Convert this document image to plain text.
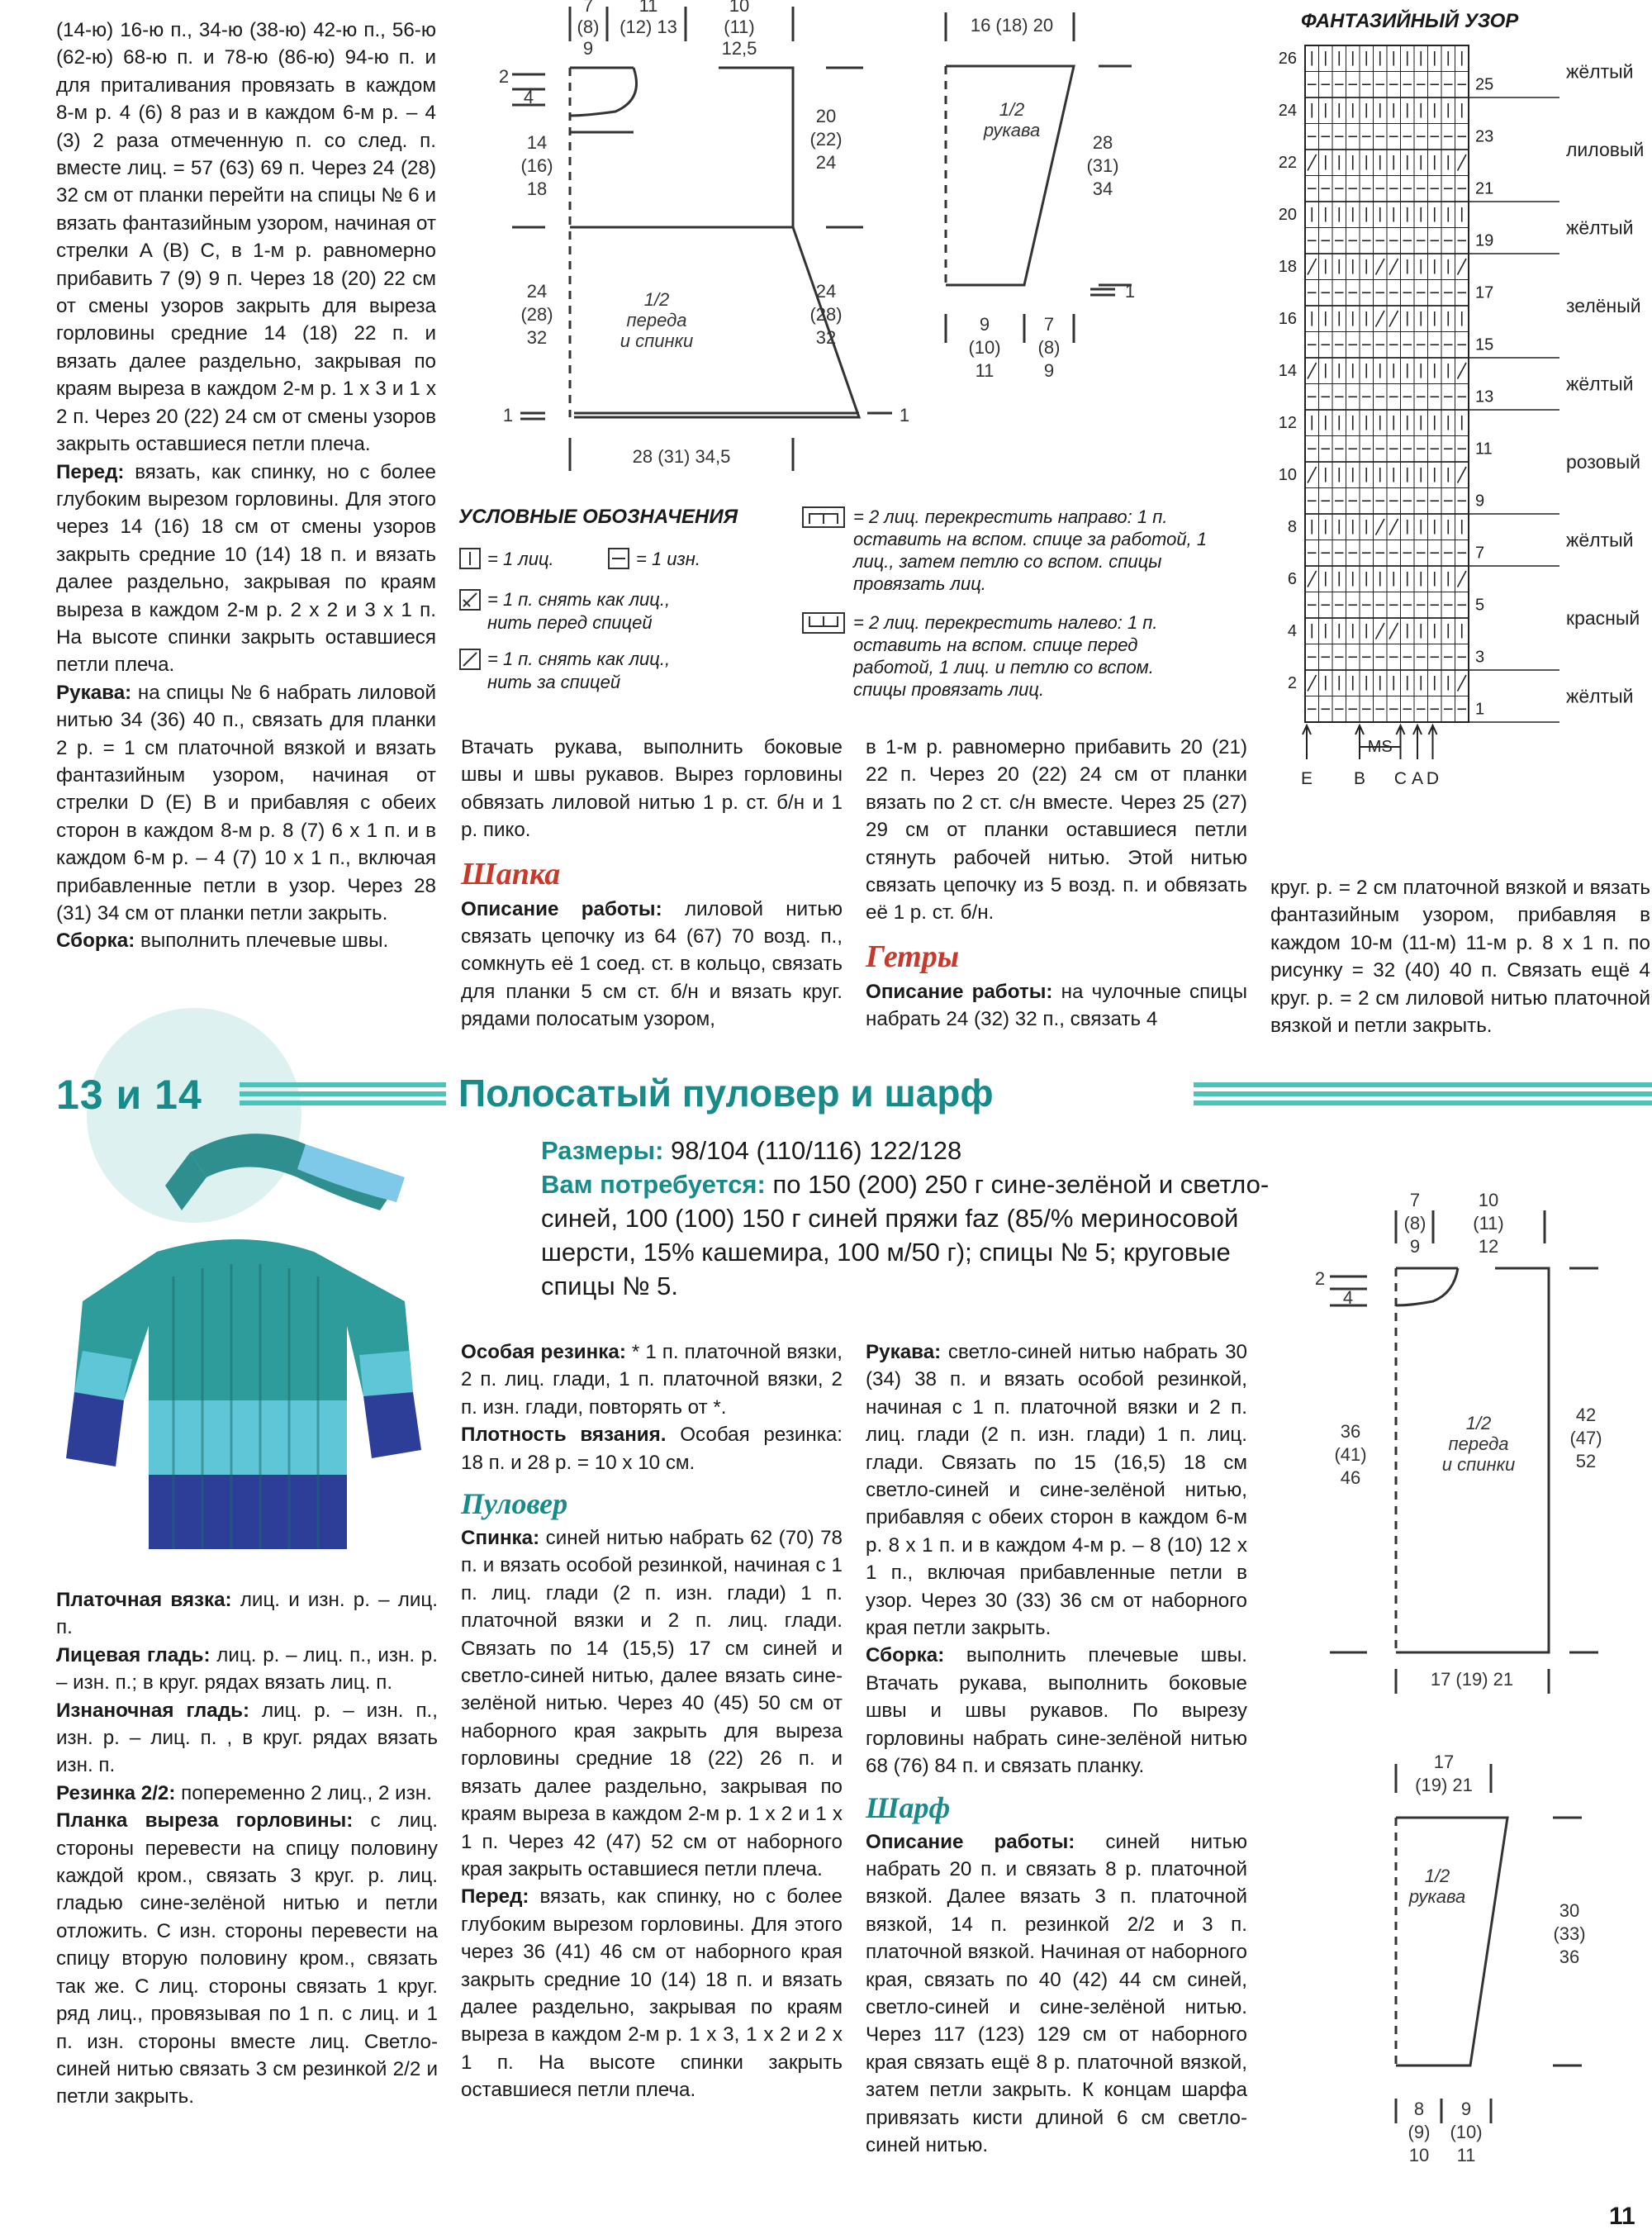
(14-ю) 16-ю п., 34-ю (38-ю) 42-ю п., 56-ю (62-ю) 68-ю п. и 78-ю (86-ю) 94-ю п. и для приталивания провязать в каждом 8-м р. 4 (6) 8 раз и в каждом 6-м р. – 4 (3) 2 раза отмеченную п. со след. п. вместе лиц. = 57 (63) 69 п. Через 24 (28) 32 см от планки перейти на спицы № 6 и вязать фантазийным узором, начиная от стрелки A (B) C, в 1-м р. равномерно прибавить 7 (9) 9 п. Через 18 (20) 22 см от смены узоров закрыть для выреза горловины средние 14 (18) 22 п. и вязать далее раздельно, закрывая по краям выреза в каждом 2-м р. 1 x 3 и 1 x 2 п. Через 20 (22) 24 см от смены узоров закрыть оставшиеся петли плеча.

Перед: вязать, как спинку, но с более глубоким вырезом горловины. Для этого через 14 (16) 18 см от смены узоров закрыть средние 10 (14) 18 п. и вязать далее раздельно, закрывая по краям выреза в каждом 2-м р. 2 x 2 и 3 x 1 п. На высоте спинки закрыть оставшиеся петли плеча.

Рукава: на спицы № 6 набрать лиловой нитью 34 (36) 40 п., связать для планки 2 р. = 1 см платочной вязкой и вязать фантазийным узором, начиная от стрелки D (E) B и прибавляя с обеих сторон в каждом 8-м р. 8 (7) 6 x 1 п. и в каждом 6-м р. – 4 (7) 10 x 1 п., включая прибавленные петли в узор. Через 28 (31) 34 см от планки петли закрыть.

Сборка: выполнить плечевые швы.

Втачать рукава, выполнить боковые швы и швы рукавов. Вырез горловины обвязать лиловой нитью 1 р. ст. б/н и 1 р. пико.

Шапка

Описание работы: лиловой нитью связать цепочку из 64 (67) 70 возд. п., сомкнуть её 1 соед. ст. в кольцо, связать для планки 5 см ст. б/н и вязать круг. рядами полосатым узором,

в 1-м р. равномерно прибавить 20 (21) 22 п. Через 20 (22) 24 см от планки вязать по 2 ст. с/н вместе. Через 25 (27) 29 см от планки оставшиеся петли стянуть рабочей нитью. Этой нитью связать цепочку из 5 возд. п. и обвязать её 1 р. ст. б/н.

Гетры

Описание работы: на чулочные спицы набрать 24 (32) 32 п., связать 4

круг. р. = 2 см платочной вязкой и вязать фантазийным узором, прибавляя в каждом 10-м (11-м) 11-м р. 8 x 1 п. по рисунку = 32 (40) 40 п. Связать ещё 4 круг. р. = 2 см лиловой нитью платочной вязкой и петли закрыть.

7
(8)
9
11
(12) 13
10
(11)
12,5
2
4
14
(16)
18
24
(28)
32
20
(22)
24
24
(28)
32
1	1
28 (31) 34,5
1/2
переда
и спинки
16 (18) 20
28
(31)
34
1
9
(10)
11
7
(8)
9
1/2
рукава
УСЛОВНЫЕ ОБОЗНАЧЕНИЯ
= 1 лиц.	= 1 изн.
= 1 п. снять как лиц., нить перед спицей
= 1 п. снять как лиц., нить за спицей
= 2 лиц. перекрестить направо: 1 п. оставить на вспом. спице за работой, 1 лиц., затем петлю со вспом. спицы провязать лиц.
= 2 лиц. перекрестить налево: 1 п. оставить на вспом. спице перед работой, 1 лиц. и петлю со вспом. спицы провязать лиц.
ФАНТАЗИЙНЫЙ УЗОР
26
24
22
20
18
16
14
12
10
8
6
4
2
25
23
21
19
17
15
13
11
9
7
5
3
1
жёлтый
лиловый
жёлтый
зелёный
жёлтый
розовый
жёлтый
красный
жёлтый
E B C A D
MS
13 и 14	Полосатый пуловер и шарф
Размеры: 98/104 (110/116) 122/128
Вам потребуется: по 150 (200) 250 г сине-зелёной и светло-синей, 100 (100) 150 г синей пряжи faz (85/% мериносовой шерсти, 15% кашемира, 100 м/50 г); спицы № 5; круговые спицы № 5.

Платочная вязка: лиц. и изн. р. – лиц. п.

Лицевая гладь: лиц. р. – лиц. п., изн. р. – изн. п.; в круг. рядах вязать лиц. п.

Изнаночная гладь: лиц. р. – изн. п., изн. р. – лиц. п. , в круг. рядах вязать изн. п.

Резинка 2/2: попеременно 2 лиц., 2 изн.

Планка выреза горловины: с лиц. стороны перевести на спицу половину каждой кром., связать 3 круг. р. лиц. гладью сине-зелёной нитью и петли отложить. С изн. стороны перевести на спицу вторую половину кром., связать так же. С лиц. стороны связать 1 круг. ряд лиц., провязывая по 1 п. с лиц. и 1 п. изн. стороны вместе лиц. Светло-синей нитью связать 3 см резинкой 2/2 и петли закрыть.

Особая резинка: * 1 п. платочной вязки, 2 п. лиц. глади, 1 п. платочной вязки, 2 п. изн. глади, повторять от *.

Плотность вязания. Особая резинка: 18 п. и 28 р. = 10 x 10 см.

Пуловер

Спинка: синей нитью набрать 62 (70) 78 п. и вязать особой резинкой, начиная с 1 п. лиц. глади (2 п. изн. глади) 1 п. платочной вязки и 2 п. лиц. глади. Связать по 14 (15,5) 17 см синей и светло-синей нитью, далее вязать сине-зелёной нитью. Через 40 (45) 50 см от наборного края закрыть для выреза горловины средние 18 (22) 26 п. и вязать далее раздельно, закрывая по краям выреза в каждом 2-м р. 1 x 2 и 1 x 1 п. Через 42 (47) 52 см от наборного края закрыть оставшиеся петли плеча.

Перед: вязать, как спинку, но с более глубоким вырезом горловины. Для этого через 36 (41) 46 см от наборного края закрыть средние 10 (14) 18 п. и вязать далее раздельно, закрывая по краям выреза в каждом 2-м р. 1 x 3, 1 x 2 и 2 x 1 п. На высоте спинки закрыть оставшиеся петли плеча.

Рукава: светло-синей нитью набрать 30 (34) 38 п. и вязать особой резинкой, начиная с 1 п. платочной вязки и 2 п. лиц. глади (2 п. изн. глади) 1 п. лиц. глади. Связать по 15 (16,5) 18 см светло-синей и сине-зелёной нитью, прибавляя с обеих сторон в каждом 6-м р. 8 x 1 п. и в каждом 4-м р. – 8 (10) 12 x 1 п., включая прибавленные петли в узор. Через 30 (33) 36 см от наборного края петли закрыть.

Сборка: выполнить плечевые швы. Втачать рукава, выполнить боковые швы и швы рукавов. По вырезу горловины набрать сине-зелёной нитью 68 (76) 84 п. и связать планку.

Шарф

Описание работы: синей нитью набрать 20 п. и связать 8 р. платочной вязкой. Далее вязать 3 п. платочной вязкой, 14 п. резинкой 2/2 и 3 п. платочной вязкой. Начиная от наборного края, связать по 40 (42) 44 см синей, светло-синей и сине-зелёной нитью. Через 117 (123) 129 см от наборного края связать ещё 8 р. платочной вязкой, затем петли закрыть. К концам шарфа привязать кисти длиной 6 см светло-синей нитью.

7
(8)
9
10
(11)
12
2
4
36
(41)
46
42
(47)
52
17 (19) 21
1/2
переда
и спинки
17
(19) 21
30
(33)
36
8
(9)
10
9
(10)
11
1/2
рукава
11
